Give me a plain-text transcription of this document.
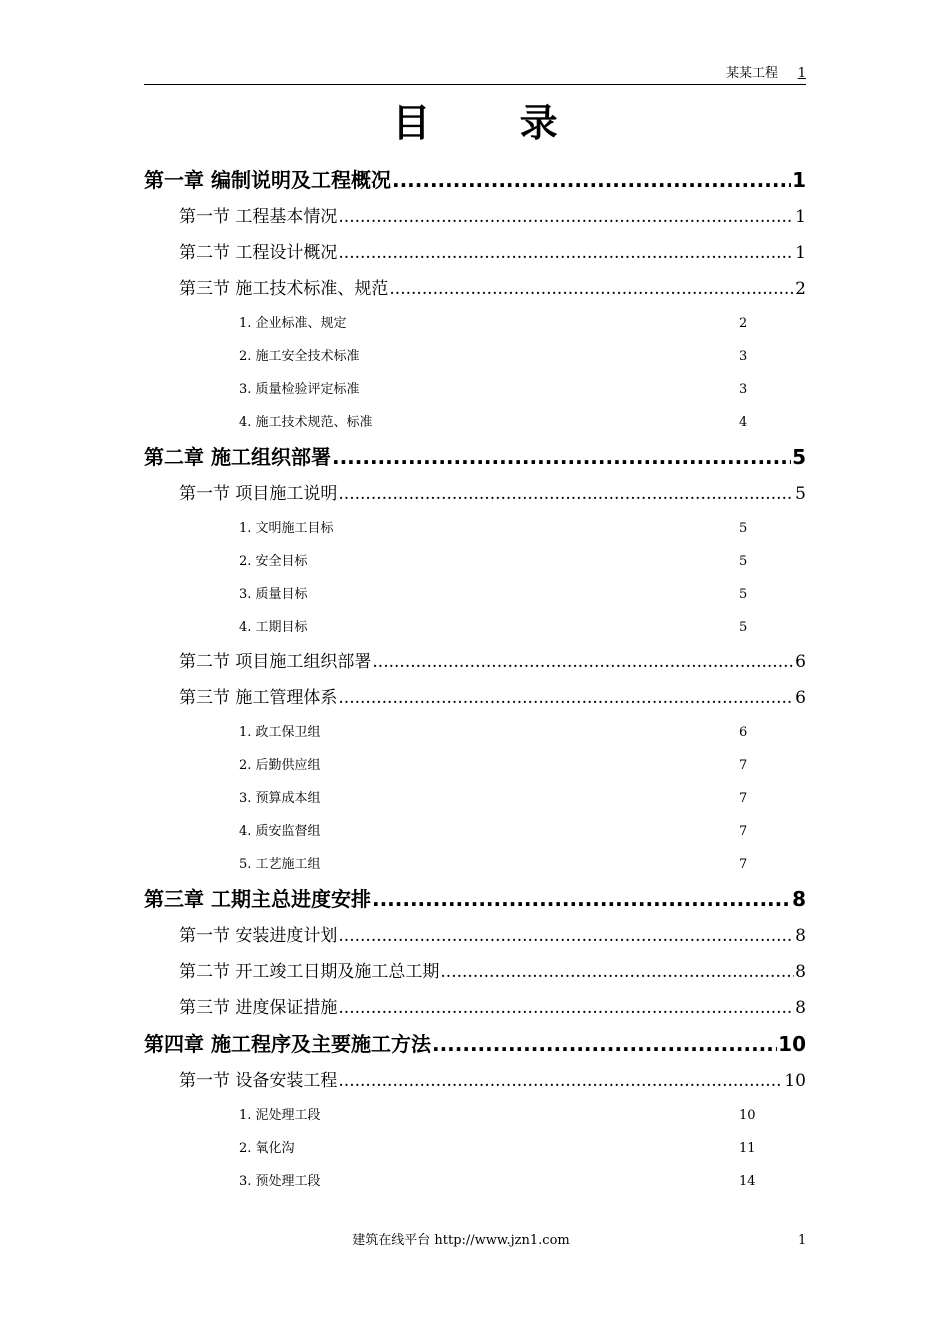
某某工程 1
目 录
第一章 编制说明及工程概况 .....	1
第一节 工程基本情况 .....	1
第二节 工程设计概况 .....	1
第三节 施工技术标准、规范 .....	2
1. 企业标准、规定	2
2. 施工安全技术标准	3
3. 质量检验评定标准	3
4. 施工技术规范、标准	4
第二章 施工组织部署 .....	5
第一节 项目施工说明 .....	5
1. 文明施工目标	5
2. 安全目标	5
3. 质量目标	5
4. 工期目标	5
第二节 项目施工组织部署 .....	6
第三节 施工管理体系 .....	6
1. 政工保卫组	6
2. 后勤供应组	7
3. 预算成本组	7
4. 质安监督组	7
5. 工艺施工组	7
第三章 工期主总进度安排 .....	8
第一节 安装进度计划 .....	8
第二节 开工竣工日期及施工总工期 .....	8
第三节 进度保证措施 .....	8
第四章 施工程序及主要施工方法 .....	10
第一节 设备安装工程 .....	10
1. 泥处理工段	10
2. 氧化沟	11
3. 预处理工段	14
建筑在线平台 http://www.jzn1.com	1
